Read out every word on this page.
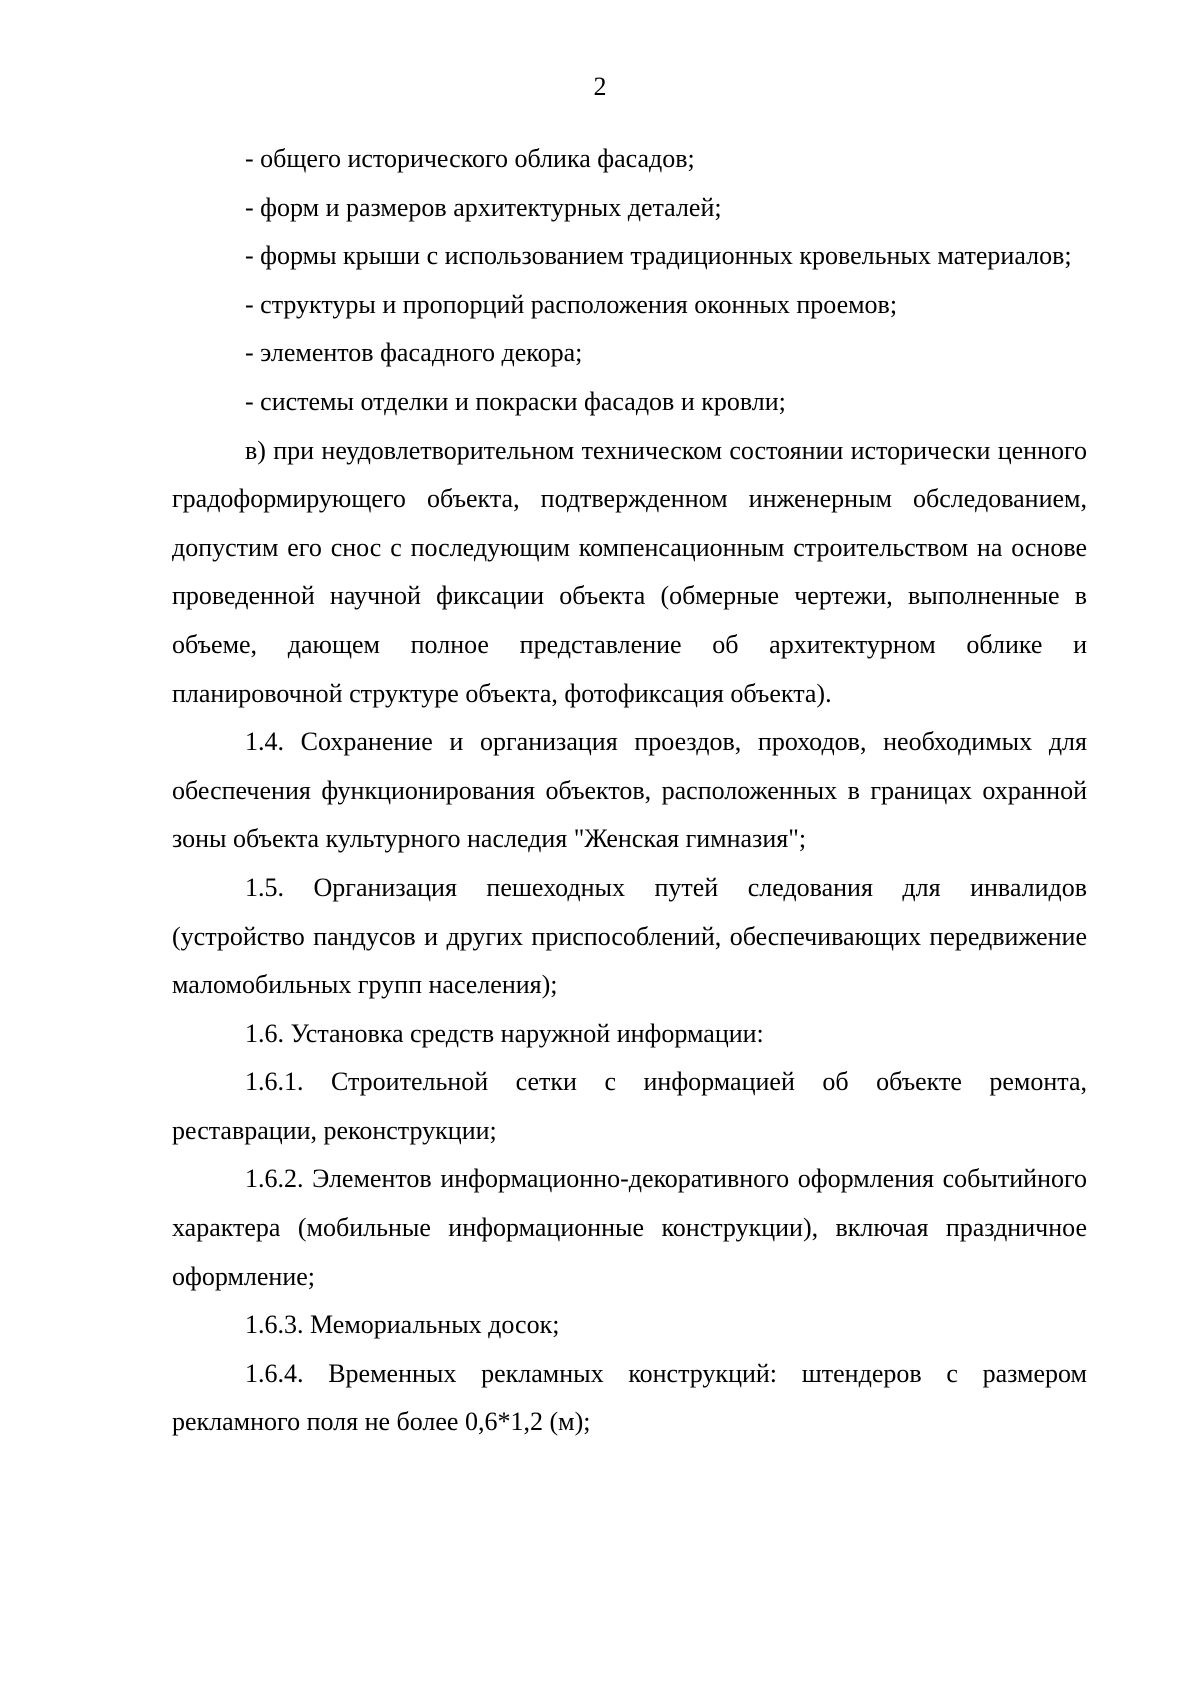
2

- общего исторического облика фасадов;

- форм и размеров архитектурных деталей;

- формы крыши с использованием традиционных кровельных материалов;

- структуры и пропорций расположения оконных проемов;

- элементов фасадного декора;

- системы отделки и покраски фасадов и кровли;

в) при неудовлетворительном техническом состоянии исторически ценного градоформирующего объекта, подтвержденном инженерным обследованием, допустим его снос с последующим компенсационным строительством на основе проведенной научной фиксации объекта (обмерные чертежи, выполненные в объеме, дающем полное представление об архитектурном облике и планировочной структуре объекта, фотофиксация объекта).

1.4. Сохранение и организация проездов, проходов, необходимых для обеспечения функционирования объектов, расположенных в границах охранной зоны объекта культурного наследия "Женская гимназия";

1.5. Организация пешеходных путей следования для инвалидов (устройство пандусов и других приспособлений, обеспечивающих передвижение маломобильных групп населения);

1.6. Установка средств наружной информации:

1.6.1. Строительной сетки с информацией об объекте ремонта, реставрации, реконструкции;

1.6.2. Элементов информационно-декоративного оформления событийного характера (мобильные информационные конструкции), включая праздничное оформление;

1.6.3. Мемориальных досок;

1.6.4. Временных рекламных конструкций: штендеров с размером рекламного поля не более 0,6*1,2 (м);
